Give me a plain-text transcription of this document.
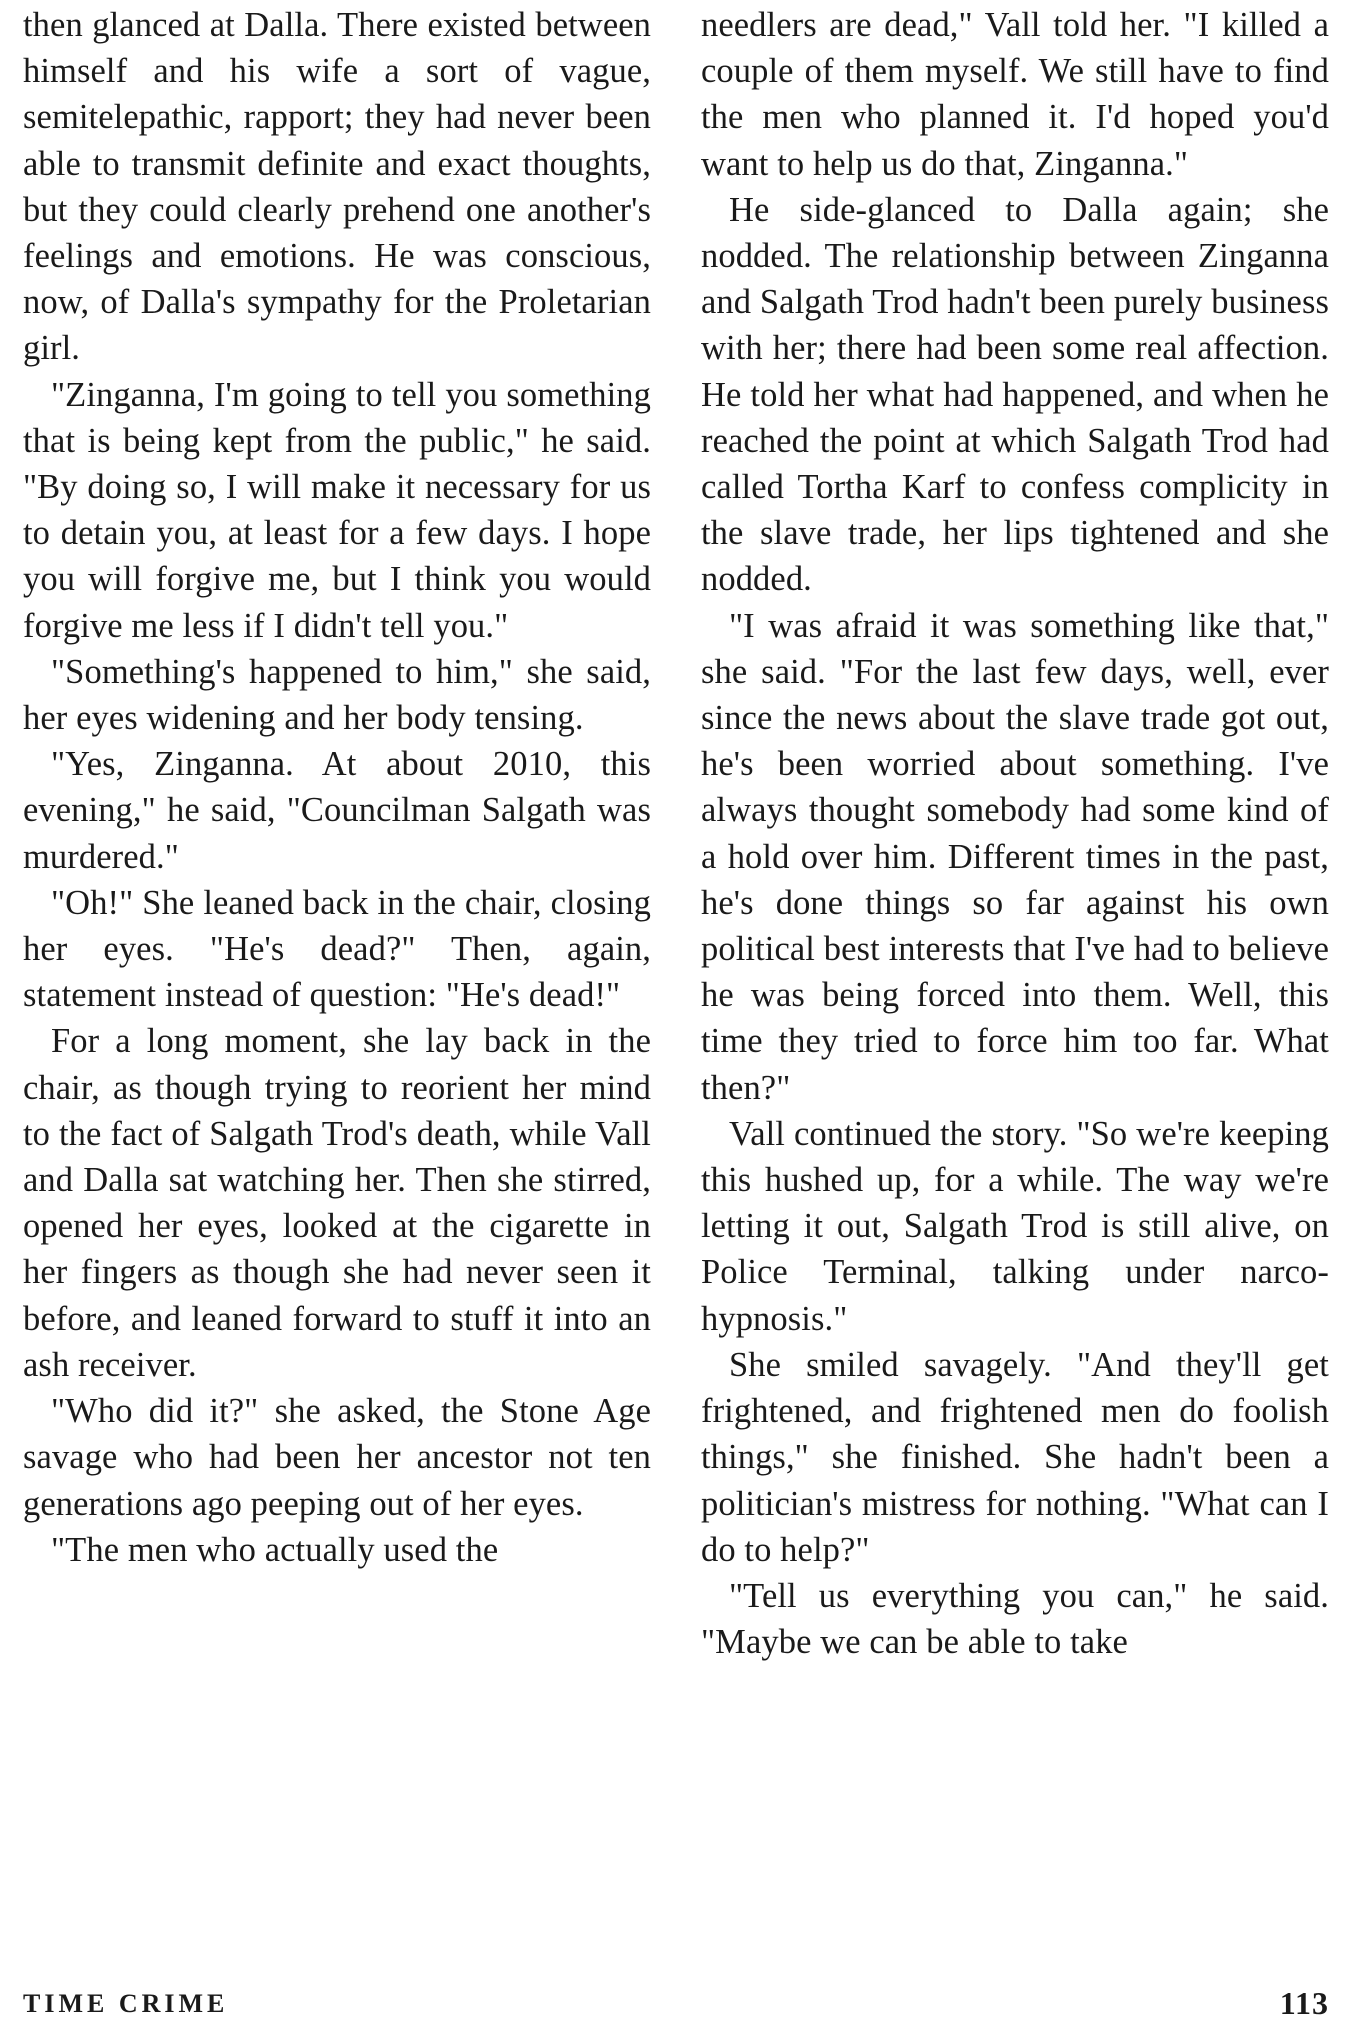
then glanced at Dalla. There existed between himself and his wife a sort of vague, semitelepathic, rapport; they had never been able to transmit definite and exact thoughts, but they could clearly prehend one another's feelings and emotions. He was conscious, now, of Dalla's sympathy for the Proletarian girl.

"Zinganna, I'm going to tell you something that is being kept from the public," he said. "By doing so, I will make it necessary for us to detain you, at least for a few days. I hope you will forgive me, but I think you would forgive me less if I didn't tell you."

"Something's happened to him," she said, her eyes widening and her body tensing.

"Yes, Zinganna. At about 2010, this evening," he said, "Councilman Salgath was murdered."

"Oh!" She leaned back in the chair, closing her eyes. "He's dead?" Then, again, statement instead of question: "He's dead!"

For a long moment, she lay back in the chair, as though trying to reorient her mind to the fact of Salgath Trod's death, while Vall and Dalla sat watching her. Then she stirred, opened her eyes, looked at the cigarette in her fingers as though she had never seen it before, and leaned forward to stuff it into an ash receiver.

"Who did it?" she asked, the Stone Age savage who had been her ancestor not ten generations ago peeping out of her eyes.

"The men who actually used the

needlers are dead," Vall told her. "I killed a couple of them myself. We still have to find the men who planned it. I'd hoped you'd want to help us do that, Zinganna."

He side-glanced to Dalla again; she nodded. The relationship between Zinganna and Salgath Trod hadn't been purely business with her; there had been some real affection. He told her what had happened, and when he reached the point at which Salgath Trod had called Tortha Karf to confess complicity in the slave trade, her lips tightened and she nodded.

"I was afraid it was something like that," she said. "For the last few days, well, ever since the news about the slave trade got out, he's been worried about something. I've always thought somebody had some kind of a hold over him. Different times in the past, he's done things so far against his own political best interests that I've had to believe he was being forced into them. Well, this time they tried to force him too far. What then?"

Vall continued the story. "So we're keeping this hushed up, for a while. The way we're letting it out, Salgath Trod is still alive, on Police Terminal, talking under narco-hypnosis."

She smiled savagely. "And they'll get frightened, and frightened men do foolish things," she finished. She hadn't been a politician's mistress for nothing. "What can I do to help?"

"Tell us everything you can," he said. "Maybe we can be able to take

TIME CRIME	113
